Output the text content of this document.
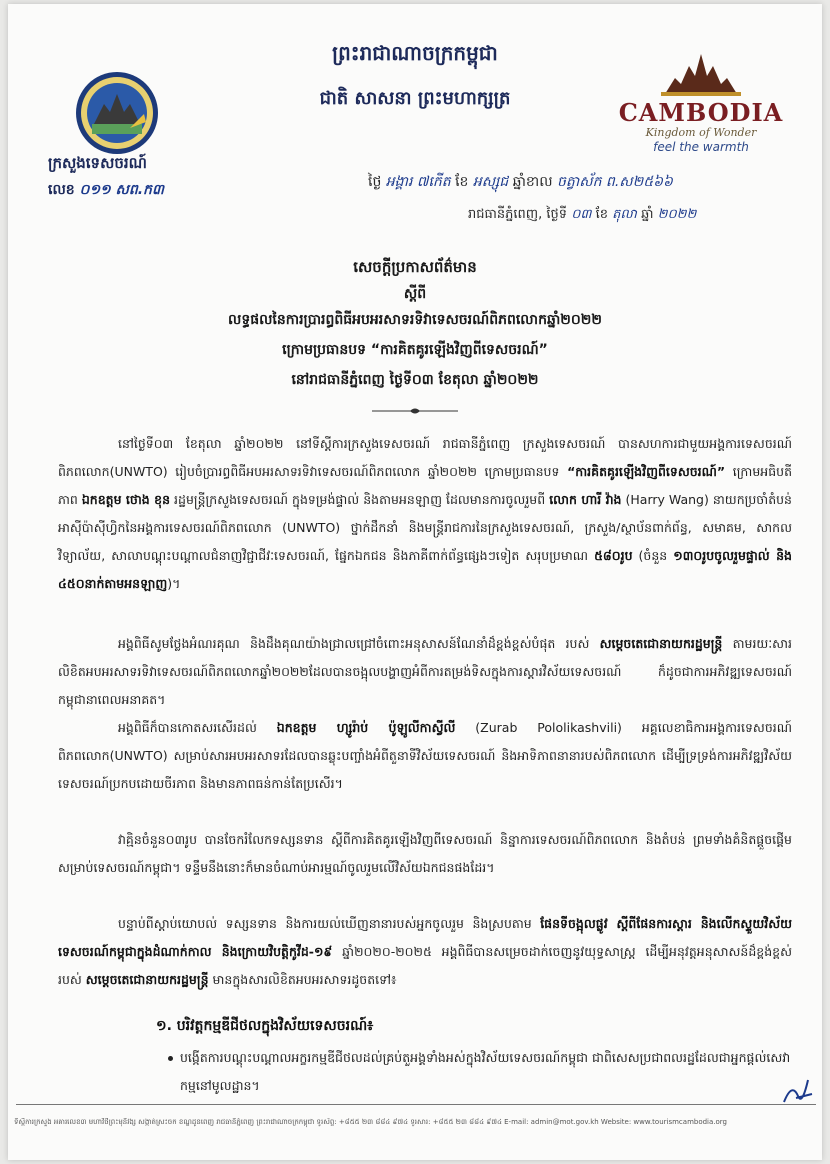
ព្រះរាជាណាចក្រកម្ពុជា
ជាតិ សាសនា ព្រះមហាក្សត្រ
ក្រសួងទេសចរណ៍
លេខ ០១១ សព.ក៣
CAMBODIA
Kingdom of Wonder
feel the warmth
ថ្ងៃ អង្គារ ៧កើត ខែ អស្សុជ ឆ្នាំខាល ចត្វាស័ក ព.ស២៥៦៦
រាជធានីភ្នំពេញ, ថ្ងៃទី ០៣ ខែ តុលា ឆ្នាំ ២០២២
សេចក្តីប្រកាសព័ត៌មាន
ស្តីពី
លទ្ធផលនៃការប្រារព្ធពិធីអបអរសាទរទិវាទេសចរណ៍ពិភពលោកឆ្នាំ២០២២
ក្រោមប្រធានបទ “ការគិតគូរឡើងវិញពីទេសចរណ៍”
នៅរាជធានីភ្នំពេញ ថ្ងៃទី០៣ ខែតុលា ឆ្នាំ២០២២
នៅថ្ងៃទី០៣ ខែតុលា ឆ្នាំ២០២២ នៅទីស្តីការក្រសួងទេសចរណ៍ រាជធានីភ្នំពេញ ក្រសួងទេសចរណ៍ បានសហការជាមួយអង្គការទេសចរណ៍ពិភពលោក(UNWTO) រៀបចំប្រារព្ធពិធីអបអរសាទរទិវាទេសចរណ៍ពិភពលោក ឆ្នាំ២០២២ ក្រោមប្រធានបទ “ការគិតគូរឡើងវិញពីទេសចរណ៍” ក្រោមអធិបតីភាព ឯកឧត្តម ថោង ខុន រដ្ឋមន្ត្រីក្រសួងទេសចរណ៍ ក្នុងទម្រង់ផ្ទាល់ និងតាមអនឡាញ ដែលមានការចូលរួមពី លោក ហារី វ៉ាង (Harry Wang) នាយកប្រចាំតំបន់អាស៊ីប៉ាស៊ីហ្វិកនៃអង្គការទេសចរណ៍ពិភពលោក (UNWTO) ថ្នាក់ដឹកនាំ និងមន្ត្រីរាជការនៃក្រសួងទេសចរណ៍, ក្រសួង/ស្ថាប័នពាក់ព័ន្ធ, សមាគម, សាកលវិទ្យាល័យ, សាលាបណ្តុះបណ្តាលជំនាញវិជ្ជាជីវៈទេសចរណ៍, ផ្នែកឯកជន និងភាគីពាក់ព័ន្ធផ្សេងៗទៀត សរុបប្រមាណ ៥៨០រូប (ចំនួន ១៣០រូបចូលរួមផ្ទាល់ និង ៤៥០នាក់តាមអនឡាញ)។
អង្គពិធីសូមថ្លែងអំណរគុណ និងដឹងគុណយ៉ាងជ្រាលជ្រៅចំពោះអនុសាសន៍ណែនាំដ៏ខ្ពង់ខ្ពស់បំផុត របស់ សម្តេចតេជោនាយករដ្ឋមន្ត្រី តាមរយៈសារលិខិតអបអរសាទរទិវាទេសចរណ៍ពិភពលោកឆ្នាំ២០២២ដែលបានចង្អុលបង្ហាញអំពីការតម្រង់ទិសក្នុងការស្តារវិស័យទេសចរណ៍ ក៏ដូចជាការអភិវឌ្ឍទេសចរណ៍កម្ពុជានាពេលអនាគត។
អង្គពិធីក៏បានកោតសរសើរដល់ ឯកឧត្តម ហ្សូរ៉ាប់ ប៉ូឡូលីកាស្វីលី (Zurab Pololikashvili) អគ្គលេខាធិការអង្គការទេសចរណ៍ពិភពលោក(UNWTO) សម្រាប់សារអបអរសាទរដែលបានឆ្លុះបញ្ចាំងអំពីតួនាទីវិស័យទេសចរណ៍ និងអាទិភាពនានារបស់ពិភពលោក ដើម្បីទ្រទ្រង់ការអភិវឌ្ឍវិស័យទេសចរណ៍ប្រកបដោយចីរភាព និងមានភាពធន់កាន់តែប្រសើរ។
វាគ្មិនចំនួន០៣រូប បានចែករំលែកទស្សនទាន ស្តីពីការគិតគូរឡើងវិញពីទេសចរណ៍ និន្នាការទេសចរណ៍ពិភពលោក និងតំបន់ ព្រមទាំងគំនិតផ្តួចផ្តើមសម្រាប់ទេសចរណ៍កម្ពុជា។ ទន្ទឹមនឹងនោះក៏មានចំណាប់អារម្មណ៍ចូលរួមលើវិស័យឯកជនផងដែរ។
បន្ទាប់ពីស្តាប់យោបល់ ទស្សនទាន និងការយល់ឃើញនានារបស់អ្នកចូលរួម និងស្របតាម ផែនទីចង្អុលផ្លូវ ស្តីពីផែនការស្តារ និងលើកស្ទួយវិស័យទេសចរណ៍កម្ពុជាក្នុងដំណាក់កាល និងក្រោយវិបត្តិកូវីដ-១៩ ឆ្នាំ២០២០-២០២៥ អង្គពិធីបានសម្រេចដាក់ចេញនូវយុទ្ធសាស្ត្រ ដើម្បីអនុវត្តអនុសាសន៍ដ៏ខ្ពង់ខ្ពស់ របស់ សម្តេចតេជោនាយករដ្ឋមន្ត្រី មានក្នុងសារលិខិតអបអរសាទរដូចតទៅ៖
១. បរិវត្តកម្មឌីជីថលក្នុងវិស័យទេសចរណ៍៖
បង្កើតការបណ្តុះបណ្តាលអក្ខរកម្មឌីជីថលដល់គ្រប់តួអង្គទាំងអស់ក្នុងវិស័យទេសចរណ៍កម្ពុជា ជាពិសេសប្រជាពលរដ្ឋដែលជាអ្នកផ្តល់សេវាកម្មនៅមូលដ្ឋាន។
ទីស្តីការក្រសួង អគារលេខ៣ មហាវិថីព្រះមុនីវង្ស សង្កាត់ស្រះចក ខណ្ឌដូនពេញ រាជធានីភ្នំពេញ ព្រះរាជាណាចក្រកម្ពុជា ទូរស័ព្ទ: +៨៥៥ ២៣ ៨៨៤ ៩៧៤ ទូរសារ: +៨៥៥ ២៣ ៨៨៤ ៩៧៤ E-mail: admin@mot.gov.kh Website: www.tourismcambodia.org
